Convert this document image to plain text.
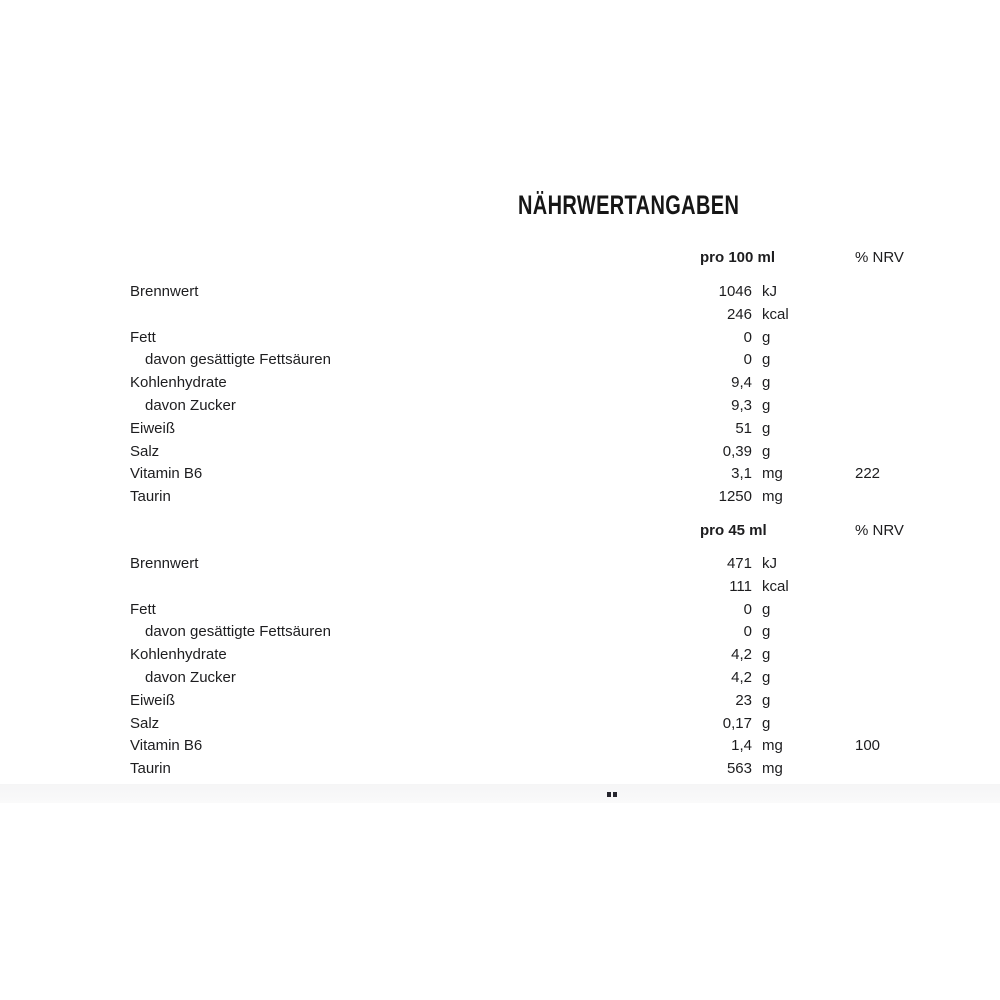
NÄHRWERTANGABEN
pro 100 ml	% NRV
Brennwert	1046 kJ
246 kcal
Fett	0 g
davon gesättigte Fettsäuren	0 g
Kohlenhydrate	9,4 g
davon Zucker	9,3 g
Eiweiß	51 g
Salz	0,39 g
Vitamin B6	3,1 mg	222
Taurin	1250 mg
pro 45 ml	% NRV
Brennwert	471 kJ
111 kcal
Fett	0 g
davon gesättigte Fettsäuren	0 g
Kohlenhydrate	4,2 g
davon Zucker	4,2 g
Eiweiß	23 g
Salz	0,17 g
Vitamin B6	1,4 mg	100
Taurin	563 mg
